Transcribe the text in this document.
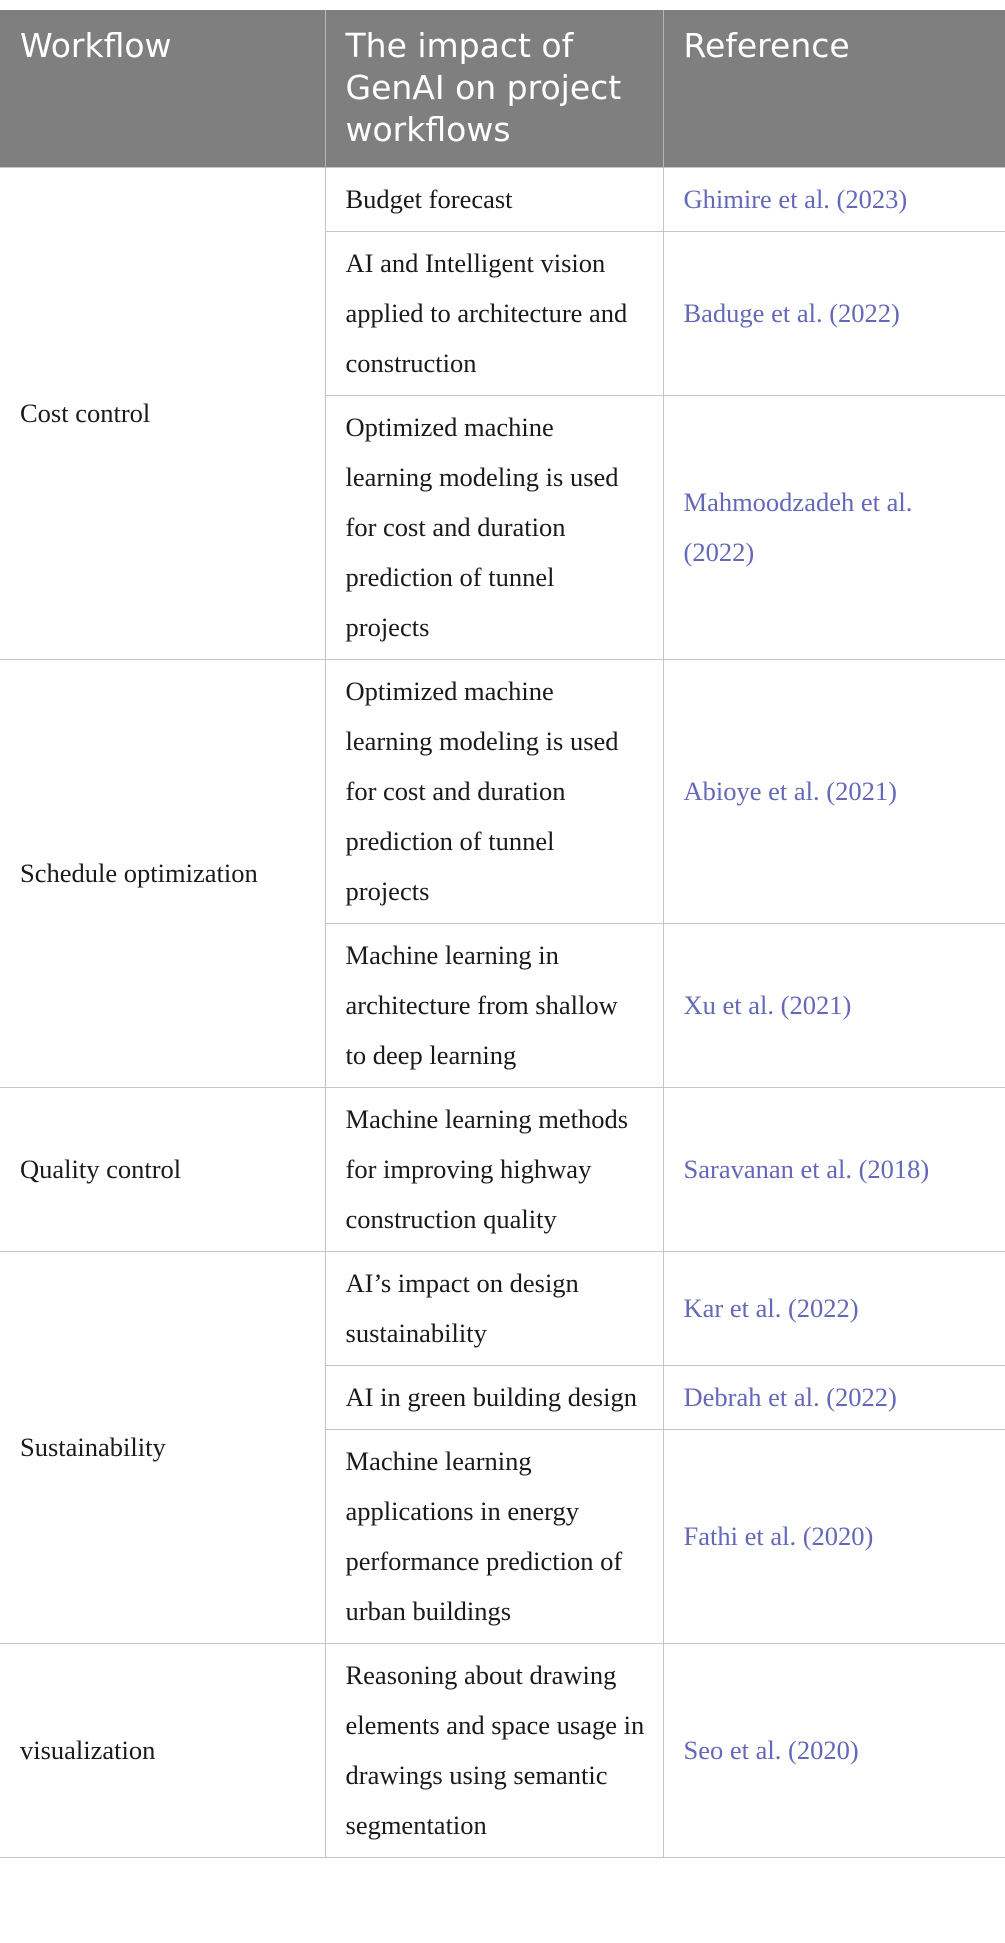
Workflow	The impact of GenAI on project workflows	Reference
Cost control	Budget forecast	Ghimire et al. (2023)
	AI and Intelligent vision applied to architecture and construction	Baduge et al. (2022)
	Optimized machine learning modeling is used for cost and duration prediction of tunnel projects	Mahmoodzadeh et al. (2022)
Schedule optimization	Optimized machine learning modeling is used for cost and duration prediction of tunnel projects	Abioye et al. (2021)
	Machine learning in architecture from shallow to deep learning	Xu et al. (2021)
Quality control	Machine learning methods for improving highway construction quality	Saravanan et al. (2018)
Sustainability	AI’s impact on design sustainability	Kar et al. (2022)
	AI in green building design	Debrah et al. (2022)
	Machine learning applications in energy performance prediction of urban buildings	Fathi et al. (2020)
visualization	Reasoning about drawing elements and space usage in drawings using semantic segmentation	Seo et al. (2020)
